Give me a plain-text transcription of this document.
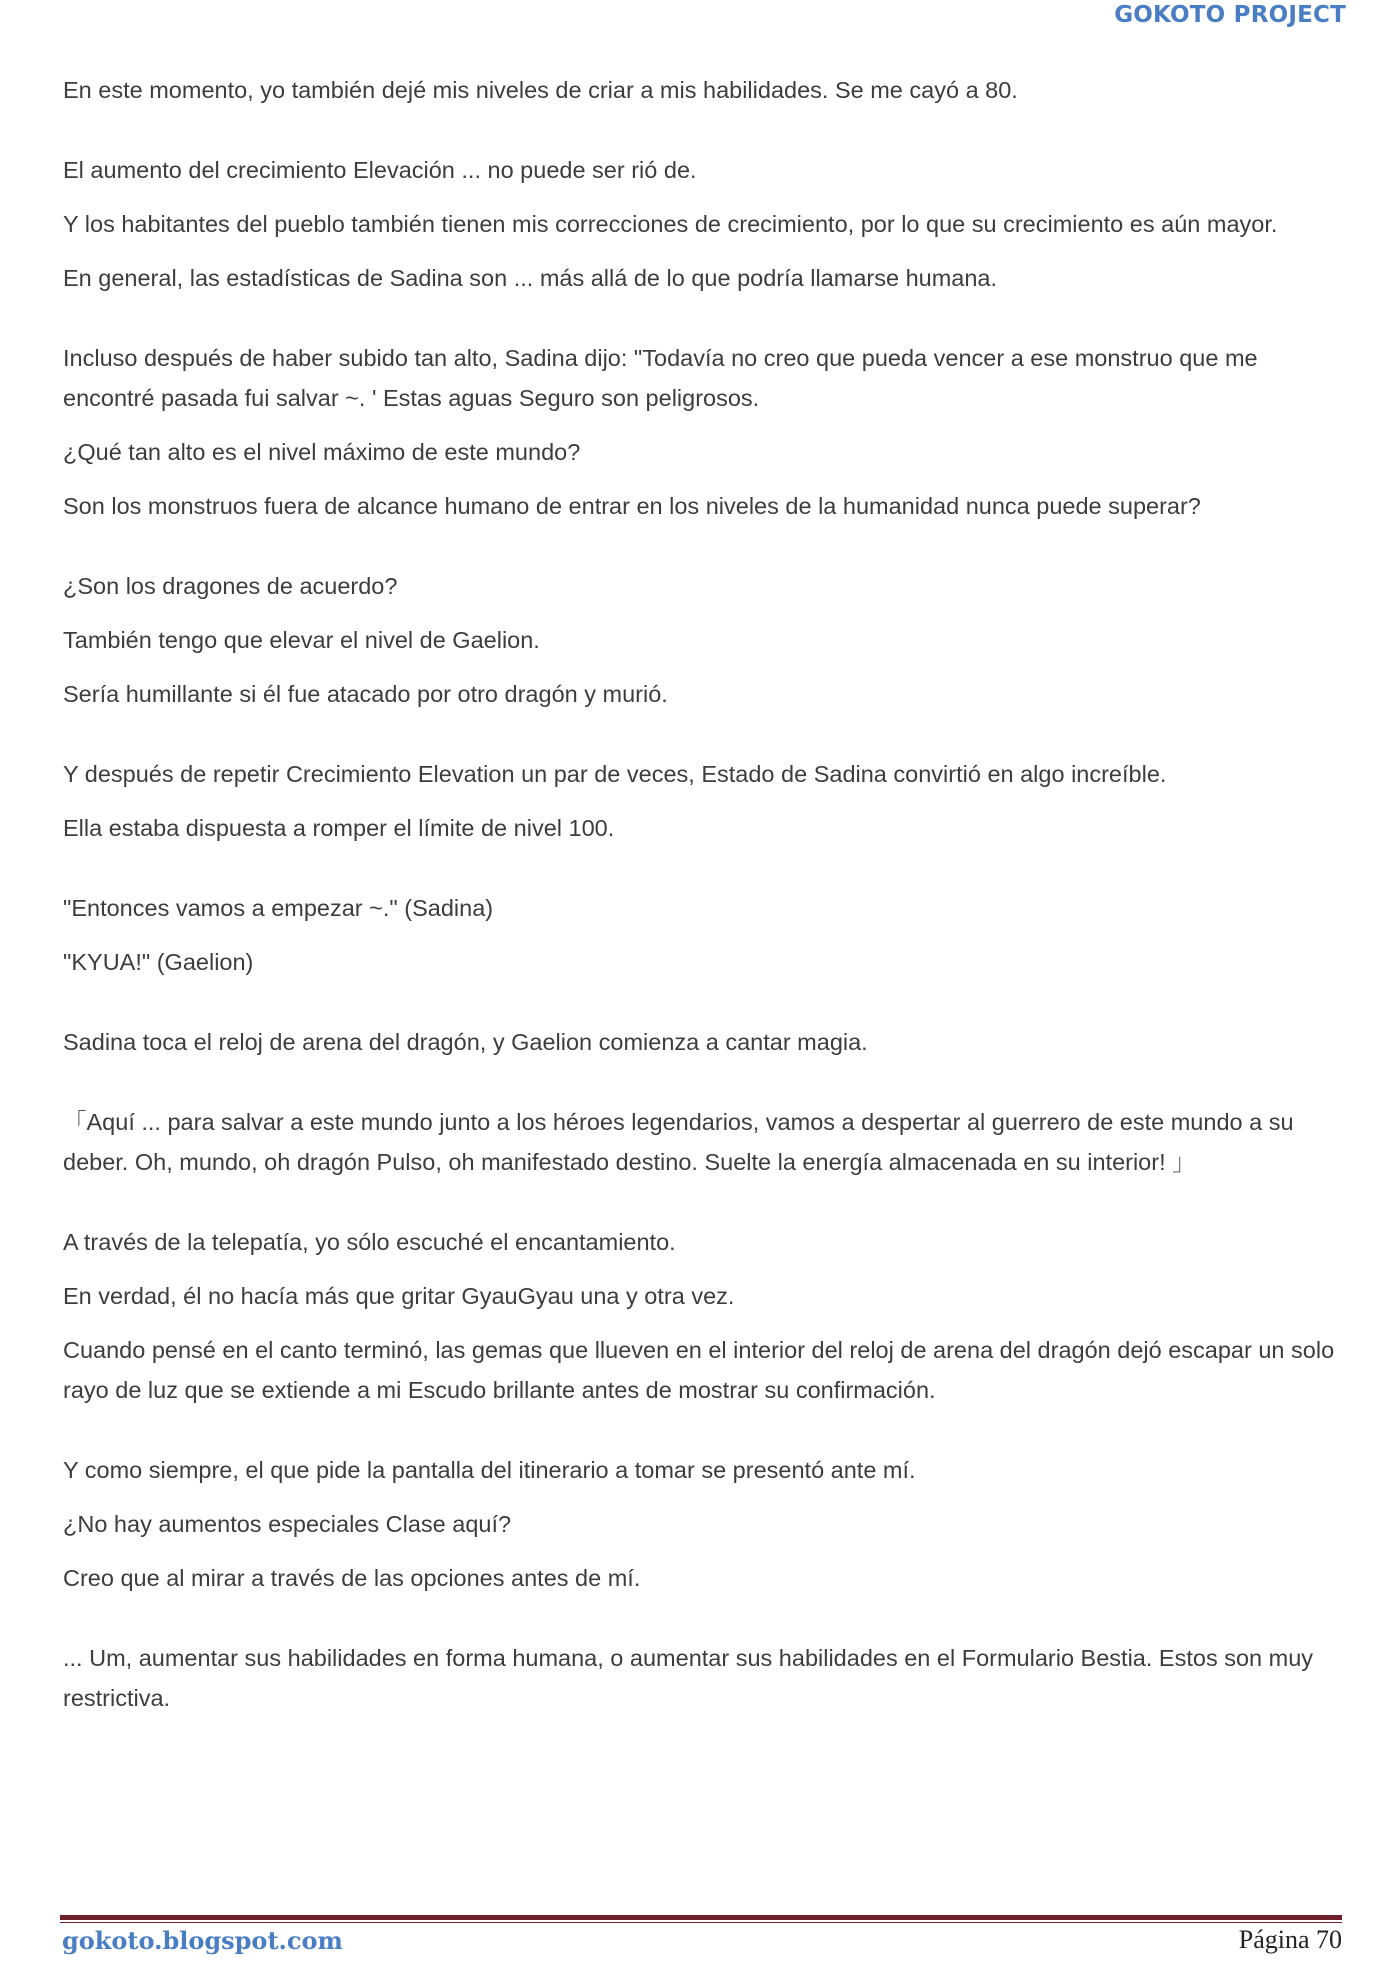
GOKOTO PROJECT

En este momento, yo también dejé mis niveles de criar a mis habilidades. Se me cayó a 80.

El aumento del crecimiento Elevación ... no puede ser rió de.

Y los habitantes del pueblo también tienen mis correcciones de crecimiento, por lo que su crecimiento es aún mayor.

En general, las estadísticas de Sadina son ... más allá de lo que podría llamarse humana.

Incluso después de haber subido tan alto, Sadina dijo: "Todavía no creo que pueda vencer a ese monstruo que me encontré pasada fui salvar ~. ' Estas aguas Seguro son peligrosos.

¿Qué tan alto es el nivel máximo de este mundo?

Son los monstruos fuera de alcance humano de entrar en los niveles de la humanidad nunca puede superar?

¿Son los dragones de acuerdo?

También tengo que elevar el nivel de Gaelion.

Sería humillante si él fue atacado por otro dragón y murió.

Y después de repetir Crecimiento Elevation un par de veces, Estado de Sadina convirtió en algo increíble.

Ella estaba dispuesta a romper el límite de nivel 100.

"Entonces vamos a empezar ~." (Sadina)

"KYUA!" (Gaelion)

Sadina toca el reloj de arena del dragón, y Gaelion comienza a cantar magia.

「Aquí ... para salvar a este mundo junto a los héroes legendarios, vamos a despertar al guerrero de este mundo a su deber. Oh, mundo, oh dragón Pulso, oh manifestado destino. Suelte la energía almacenada en su interior! 」

A través de la telepatía, yo sólo escuché el encantamiento.

En verdad, él no hacía más que gritar GyauGyau una y otra vez.

Cuando pensé en el canto terminó, las gemas que llueven en el interior del reloj de arena del dragón dejó escapar un solo rayo de luz que se extiende a mi Escudo brillante antes de mostrar su confirmación.

Y como siempre, el que pide la pantalla del itinerario a tomar se presentó ante mí.

¿No hay aumentos especiales Clase aquí?

Creo que al mirar a través de las opciones antes de mí.

... Um, aumentar sus habilidades en forma humana, o aumentar sus habilidades en el Formulario Bestia. Estos son muy restrictiva.

gokoto.blogspot.com	Página 70
